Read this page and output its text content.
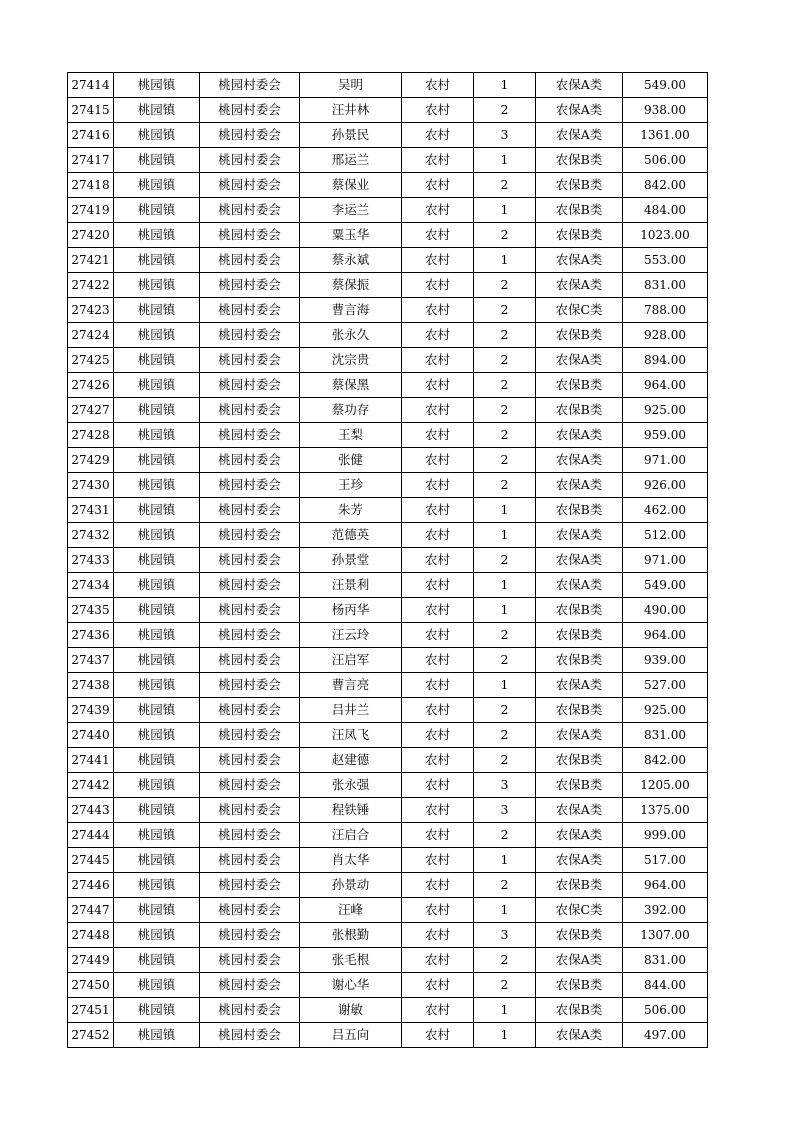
27414	桃园镇	桃园村委会	吴明	农村	1	农保A类	549.00
27415	桃园镇	桃园村委会	汪井林	农村	2	农保A类	938.00
27416	桃园镇	桃园村委会	孙景民	农村	3	农保A类	1361.00
27417	桃园镇	桃园村委会	邢运兰	农村	1	农保B类	506.00
27418	桃园镇	桃园村委会	蔡保业	农村	2	农保B类	842.00
27419	桃园镇	桃园村委会	李运兰	农村	1	农保B类	484.00
27420	桃园镇	桃园村委会	粟玉华	农村	2	农保B类	1023.00
27421	桃园镇	桃园村委会	蔡永斌	农村	1	农保A类	553.00
27422	桃园镇	桃园村委会	蔡保振	农村	2	农保A类	831.00
27423	桃园镇	桃园村委会	曹言海	农村	2	农保C类	788.00
27424	桃园镇	桃园村委会	张永久	农村	2	农保B类	928.00
27425	桃园镇	桃园村委会	沈宗贵	农村	2	农保A类	894.00
27426	桃园镇	桃园村委会	蔡保黑	农村	2	农保B类	964.00
27427	桃园镇	桃园村委会	蔡功存	农村	2	农保B类	925.00
27428	桃园镇	桃园村委会	王梨	农村	2	农保A类	959.00
27429	桃园镇	桃园村委会	张健	农村	2	农保A类	971.00
27430	桃园镇	桃园村委会	王珍	农村	2	农保A类	926.00
27431	桃园镇	桃园村委会	朱芳	农村	1	农保B类	462.00
27432	桃园镇	桃园村委会	范德英	农村	1	农保A类	512.00
27433	桃园镇	桃园村委会	孙景堂	农村	2	农保A类	971.00
27434	桃园镇	桃园村委会	汪景利	农村	1	农保A类	549.00
27435	桃园镇	桃园村委会	杨丙华	农村	1	农保B类	490.00
27436	桃园镇	桃园村委会	汪云玲	农村	2	农保B类	964.00
27437	桃园镇	桃园村委会	汪启军	农村	2	农保B类	939.00
27438	桃园镇	桃园村委会	曹言亮	农村	1	农保A类	527.00
27439	桃园镇	桃园村委会	吕井兰	农村	2	农保B类	925.00
27440	桃园镇	桃园村委会	汪凤飞	农村	2	农保A类	831.00
27441	桃园镇	桃园村委会	赵建德	农村	2	农保B类	842.00
27442	桃园镇	桃园村委会	张永强	农村	3	农保B类	1205.00
27443	桃园镇	桃园村委会	程铁锤	农村	3	农保A类	1375.00
27444	桃园镇	桃园村委会	汪启合	农村	2	农保A类	999.00
27445	桃园镇	桃园村委会	肖太华	农村	1	农保A类	517.00
27446	桃园镇	桃园村委会	孙景动	农村	2	农保B类	964.00
27447	桃园镇	桃园村委会	汪峰	农村	1	农保C类	392.00
27448	桃园镇	桃园村委会	张根勤	农村	3	农保B类	1307.00
27449	桃园镇	桃园村委会	张毛根	农村	2	农保A类	831.00
27450	桃园镇	桃园村委会	谢心华	农村	2	农保B类	844.00
27451	桃园镇	桃园村委会	谢敏	农村	1	农保B类	506.00
27452	桃园镇	桃园村委会	吕五向	农村	1	农保A类	497.00
